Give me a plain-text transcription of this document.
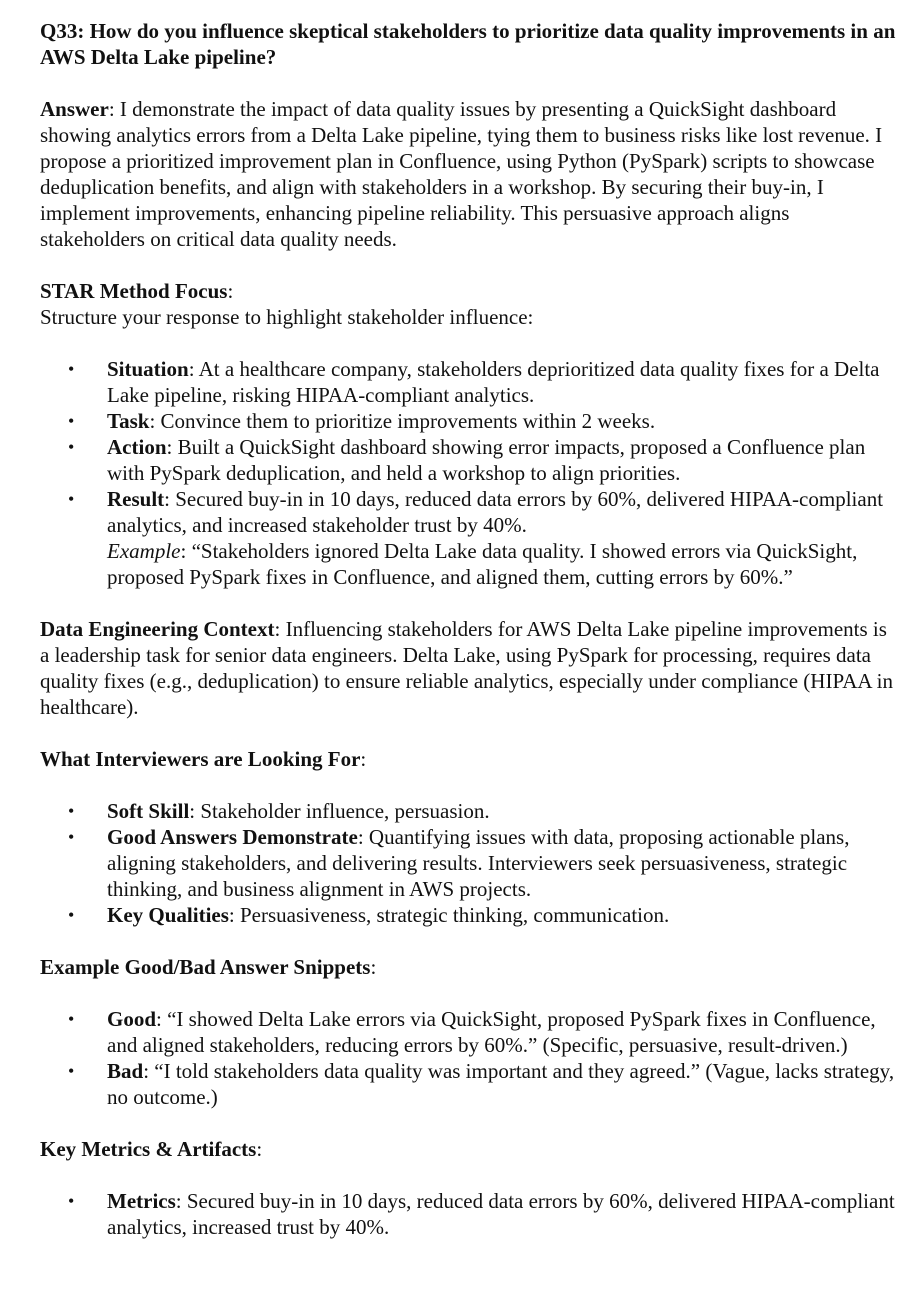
Q33: How do you influence skeptical stakeholders to prioritize data quality improvements in an AWS Delta Lake pipeline?

Answer: I demonstrate the impact of data quality issues by presenting a QuickSight dashboard showing analytics errors from a Delta Lake pipeline, tying them to business risks like lost revenue. I propose a prioritized improvement plan in Confluence, using Python (PySpark) scripts to showcase deduplication benefits, and align with stakeholders in a workshop. By securing their buy-in, I implement improvements, enhancing pipeline reliability. This persuasive approach aligns stakeholders on critical data quality needs.

STAR Method Focus:

Structure your response to highlight stakeholder influence:

• Situation: At a healthcare company, stakeholders deprioritized data quality fixes for a Delta Lake pipeline, risking HIPAA-compliant analytics.
• Task: Convince them to prioritize improvements within 2 weeks.
• Action: Built a QuickSight dashboard showing error impacts, proposed a Confluence plan with PySpark deduplication, and held a workshop to align priorities.
• Result: Secured buy-in in 10 days, reduced data errors by 60%, delivered HIPAA-compliant analytics, and increased stakeholder trust by 40%.
Example: “Stakeholders ignored Delta Lake data quality. I showed errors via QuickSight, proposed PySpark fixes in Confluence, and aligned them, cutting errors by 60%.”

Data Engineering Context: Influencing stakeholders for AWS Delta Lake pipeline improvements is a leadership task for senior data engineers. Delta Lake, using PySpark for processing, requires data quality fixes (e.g., deduplication) to ensure reliable analytics, especially under compliance (HIPAA in healthcare).

What Interviewers are Looking For:

• Soft Skill: Stakeholder influence, persuasion.
• Good Answers Demonstrate: Quantifying issues with data, proposing actionable plans, aligning stakeholders, and delivering results. Interviewers seek persuasiveness, strategic thinking, and business alignment in AWS projects.
• Key Qualities: Persuasiveness, strategic thinking, communication.

Example Good/Bad Answer Snippets:

• Good: “I showed Delta Lake errors via QuickSight, proposed PySpark fixes in Confluence, and aligned stakeholders, reducing errors by 60%.” (Specific, persuasive, result-driven.)
• Bad: “I told stakeholders data quality was important and they agreed.” (Vague, lacks strategy, no outcome.)

Key Metrics & Artifacts:

• Metrics: Secured buy-in in 10 days, reduced data errors by 60%, delivered HIPAA-compliant analytics, increased trust by 40%.
